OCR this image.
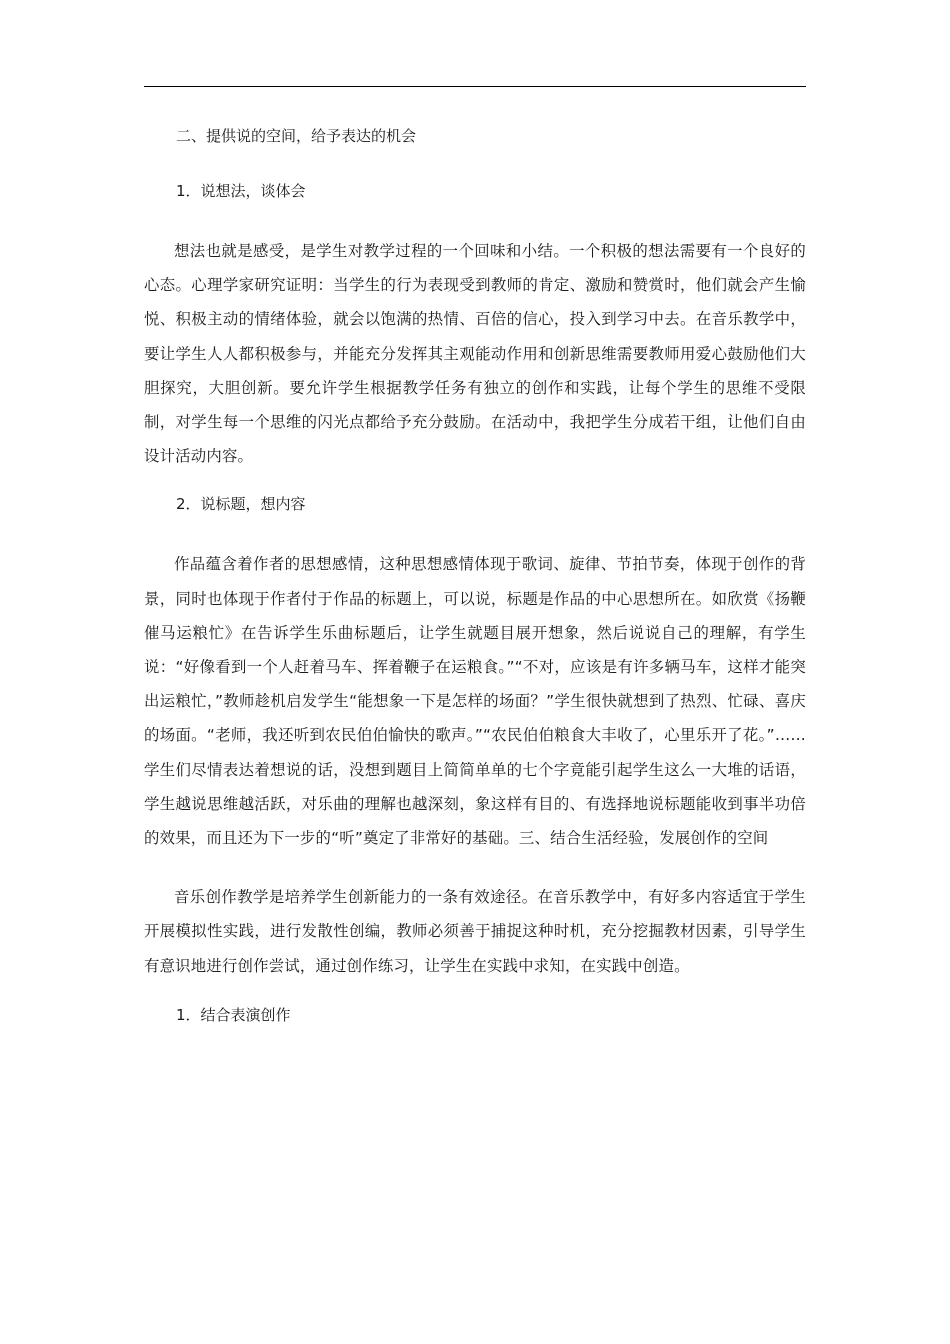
二、提供说的空间，给予表达的机会

1．说想法，谈体会

想法也就是感受，是学生对教学过程的一个回味和小结。一个积极的想法需要有一个良好的心态。心理学家研究证明：当学生的行为表现受到教师的肯定、激励和赞赏时，他们就会产生愉悦、积极主动的情绪体验，就会以饱满的热情、百倍的信心，投入到学习中去。在音乐教学中，要让学生人人都积极参与，并能充分发挥其主观能动作用和创新思维需要教师用爱心鼓励他们大胆探究，大胆创新。要允许学生根据教学任务有独立的创作和实践，让每个学生的思维不受限制，对学生每一个思维的闪光点都给予充分鼓励。在活动中，我把学生分成若干组，让他们自由设计活动内容。

2．说标题，想内容

作品蕴含着作者的思想感情，这种思想感情体现于歌词、旋律、节拍节奏，体现于创作的背景，同时也体现于作者付于作品的标题上，可以说，标题是作品的中心思想所在。如欣赏《扬鞭催马运粮忙》在告诉学生乐曲标题后，让学生就题目展开想象，然后说说自己的理解，有学生说：“好像看到一个人赶着马车、挥着鞭子在运粮食。”“不对，应该是有许多辆马车，这样才能突出运粮忙，”教师趁机启发学生“能想象一下是怎样的场面？”学生很快就想到了热烈、忙碌、喜庆的场面。“老师，我还听到农民伯伯愉快的歌声。”“农民伯伯粮食大丰收了，心里乐开了花。”……学生们尽情表达着想说的话，没想到题目上简简单单的七个字竟能引起学生这么一大堆的话语，学生越说思维越活跃，对乐曲的理解也越深刻，象这样有目的、有选择地说标题能收到事半功倍的效果，而且还为下一步的“听”奠定了非常好的基础。三、结合生活经验，发展创作的空间

音乐创作教学是培养学生创新能力的一条有效途径。在音乐教学中，有好多内容适宜于学生开展模拟性实践，进行发散性创编，教师必须善于捕捉这种时机，充分挖掘教材因素，引导学生有意识地进行创作尝试，通过创作练习，让学生在实践中求知，在实践中创造。

1．结合表演创作
